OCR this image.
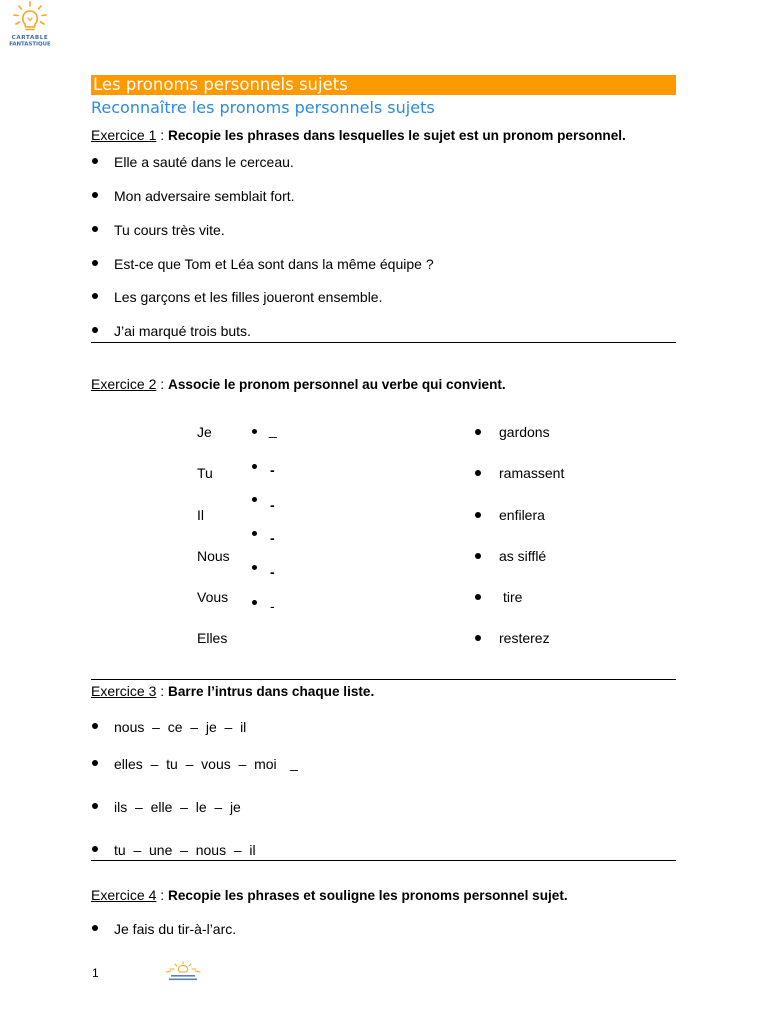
CARTABLE
FANTASTIQUE
Les pronoms personnels sujets
Reconnaître les pronoms personnels sujets
Exercice 1 : Recopie les phrases dans lesquelles le sujet est un pronom personnel.
Elle a sauté dans le cerceau.
Mon adversaire semblait fort.
Tu cours très vite.
Est-ce que Tom et Léa sont dans la même équipe ?
Les garçons et les filles joueront ensemble.
J’ai marqué trois buts.
Exercice 2 : Associe le pronom personnel au verbe qui convient.
Je
Tu
Il
Nous
Vous
Elles
_
-
-
-
-
-
gardons
ramassent
enfilera
as sifflé
tire
resterez
Exercice 3 : Barre l’intrus dans chaque liste.
nous  –  ce  –  je  –  il
elles  –  tu  –  vous  –  moi _
ils  –  elle  –  le  –  je
tu  –  une  –  nous  –  il
Exercice 4 : Recopie les phrases et souligne les pronoms personnel sujet.
Je fais du tir-à-l’arc.
1
